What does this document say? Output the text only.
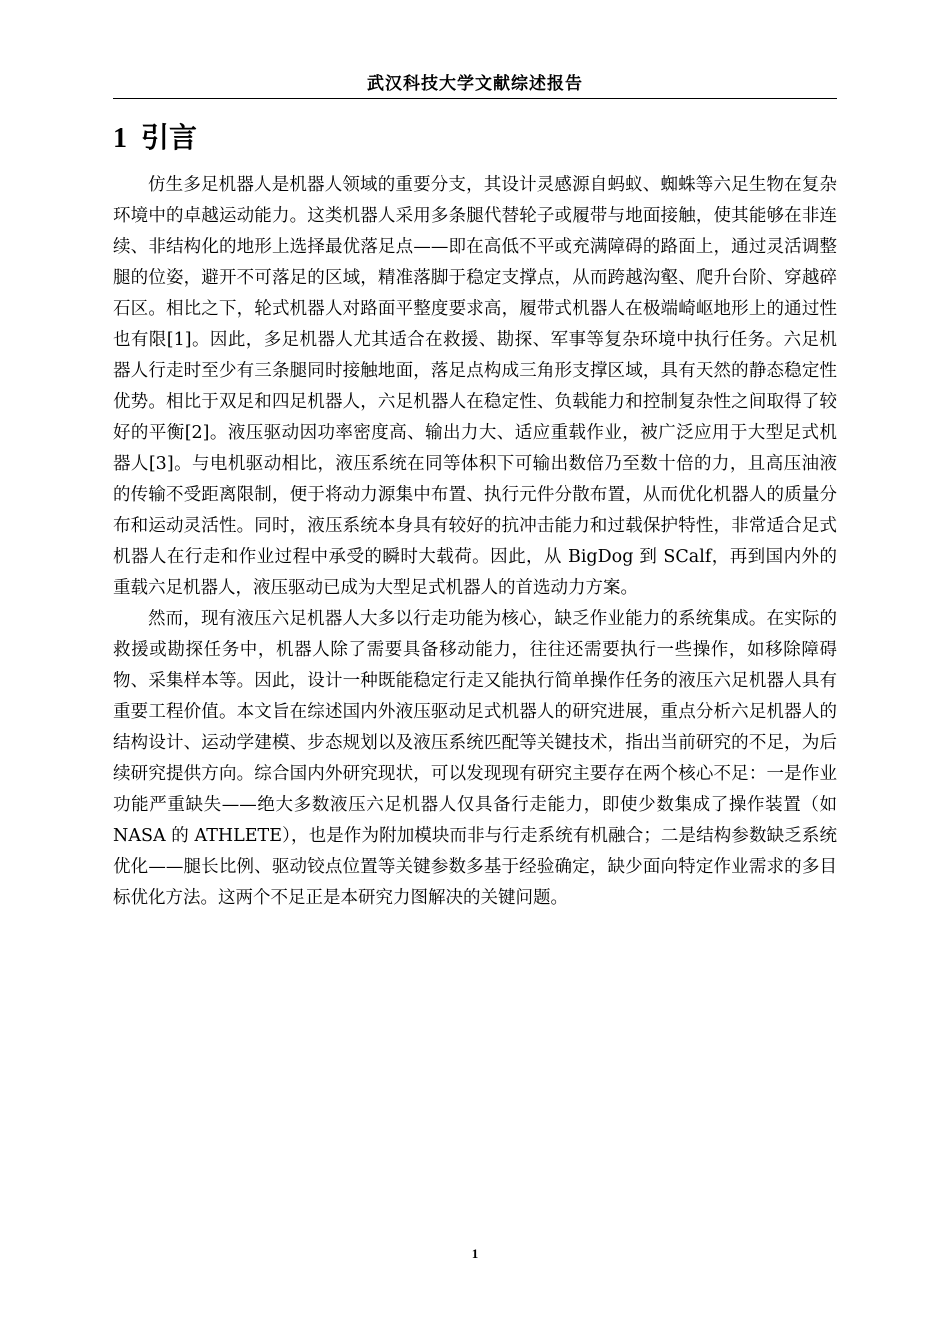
武汉科技大学文献综述报告
1 引言

仿生多足机器人是机器人领域的重要分支，其设计灵感源自蚂蚁、蜘蛛等六足生物在复杂环境中的卓越运动能力。这类机器人采用多条腿代替轮子或履带与地面接触，使其能够在非连续、非结构化的地形上选择最优落足点——即在高低不平或充满障碍的路面上，通过灵活调整腿的位姿，避开不可落足的区域，精准落脚于稳定支撑点，从而跨越沟壑、爬升台阶、穿越碎石区。相比之下，轮式机器人对路面平整度要求高，履带式机器人在极端崎岖地形上的通过性也有限[1]。因此，多足机器人尤其适合在救援、勘探、军事等复杂环境中执行任务。六足机器人行走时至少有三条腿同时接触地面，落足点构成三角形支撑区域，具有天然的静态稳定性优势。相比于双足和四足机器人，六足机器人在稳定性、负载能力和控制复杂性之间取得了较好的平衡[2]。液压驱动因功率密度高、输出力大、适应重载作业，被广泛应用于大型足式机器人[3]。与电机驱动相比，液压系统在同等体积下可输出数倍乃至数十倍的力，且高压油液的传输不受距离限制，便于将动力源集中布置、执行元件分散布置，从而优化机器人的质量分布和运动灵活性。同时，液压系统本身具有较好的抗冲击能力和过载保护特性，非常适合足式机器人在行走和作业过程中承受的瞬时大载荷。因此，从 BigDog 到 SCalf，再到国内外的重载六足机器人，液压驱动已成为大型足式机器人的首选动力方案。

然而，现有液压六足机器人大多以行走功能为核心，缺乏作业能力的系统集成。在实际的救援或勘探任务中，机器人除了需要具备移动能力，往往还需要执行一些操作，如移除障碍物、采集样本等。因此，设计一种既能稳定行走又能执行简单操作任务的液压六足机器人具有重要工程价值。本文旨在综述国内外液压驱动足式机器人的研究进展，重点分析六足机器人的结构设计、运动学建模、步态规划以及液压系统匹配等关键技术，指出当前研究的不足，为后续研究提供方向。综合国内外研究现状，可以发现现有研究主要存在两个核心不足：一是作业功能严重缺失——绝大多数液压六足机器人仅具备行走能力，即使少数集成了操作装置（如 NASA 的 ATHLETE），也是作为附加模块而非与行走系统有机融合；二是结构参数缺乏系统优化——腿长比例、驱动铰点位置等关键参数多基于经验确定，缺少面向特定作业需求的多目标优化方法。这两个不足正是本研究力图解决的关键问题。

1
